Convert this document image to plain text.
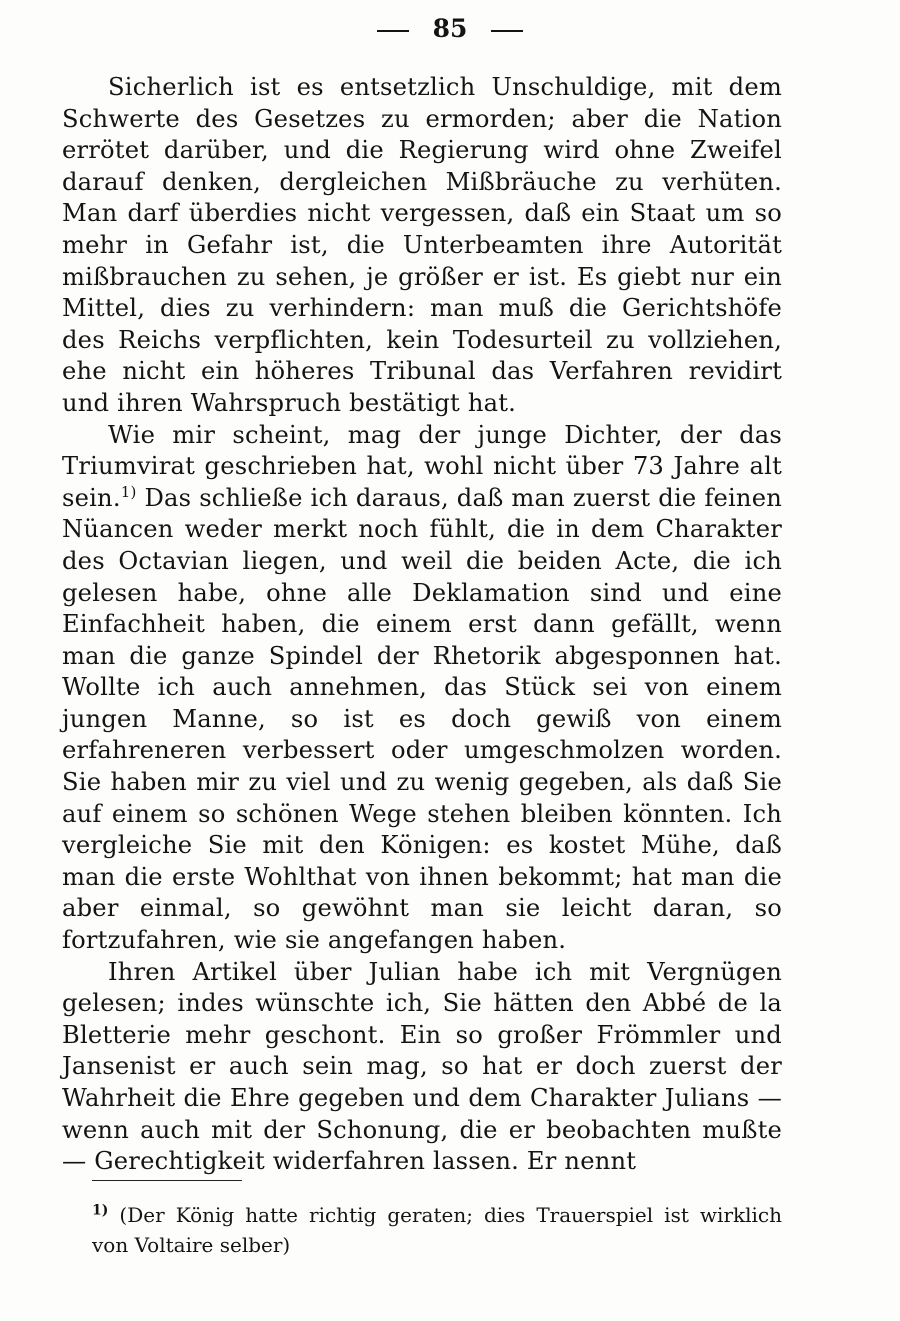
85

Sicherlich ist es entsetzlich Unschuldige, mit dem Schwerte des Gesetzes zu ermorden; aber die Nation errötet darüber, und die Regierung wird ohne Zweifel darauf denken, dergleichen Mißbräuche zu verhüten. Man darf überdies nicht vergessen, daß ein Staat um so mehr in Gefahr ist, die Unterbeamten ihre Autorität mißbrauchen zu sehen, je größer er ist. Es giebt nur ein Mittel, dies zu verhindern: man muß die Gerichtshöfe des Reichs verpflichten, kein Todesurteil zu vollziehen, ehe nicht ein höheres Tribunal das Verfahren revidirt und ihren Wahrspruch bestätigt hat.

Wie mir scheint, mag der junge Dichter, der das Triumvirat geschrieben hat, wohl nicht über 73 Jahre alt sein.$^{1)}$ Das schließe ich daraus, daß man zuerst die feinen Nüancen weder merkt noch fühlt, die in dem Charakter des Octavian liegen, und weil die beiden Acte, die ich gelesen habe, ohne alle Deklamation sind und eine Einfachheit haben, die einem erst dann gefällt, wenn man die ganze Spindel der Rhetorik abgesponnen hat. Wollte ich auch annehmen, das Stück sei von einem jungen Manne, so ist es doch gewiß von einem erfahreneren verbessert oder umgeschmolzen worden. Sie haben mir zu viel und zu wenig gegeben, als daß Sie auf einem so schönen Wege stehen bleiben könnten. Ich vergleiche Sie mit den Königen: es kostet Mühe, daß man die erste Wohlthat von ihnen bekommt; hat man die aber einmal, so gewöhnt man sie leicht daran, so fortzufahren, wie sie angefangen haben.

Ihren Artikel über Julian habe ich mit Vergnügen gelesen; indes wünschte ich, Sie hätten den Abbé de la Bletterie mehr geschont. Ein so großer Frömmler und Jansenist er auch sein mag, so hat er doch zuerst der Wahrheit die Ehre gegeben und dem Charakter Julians — wenn auch mit der Schonung, die er beobachten mußte — Gerechtigkeit widerfahren lassen. Er nennt

$^{1)}$ (Der König hatte richtig geraten; dies Trauerspiel ist wirklich von Voltaire selber)
